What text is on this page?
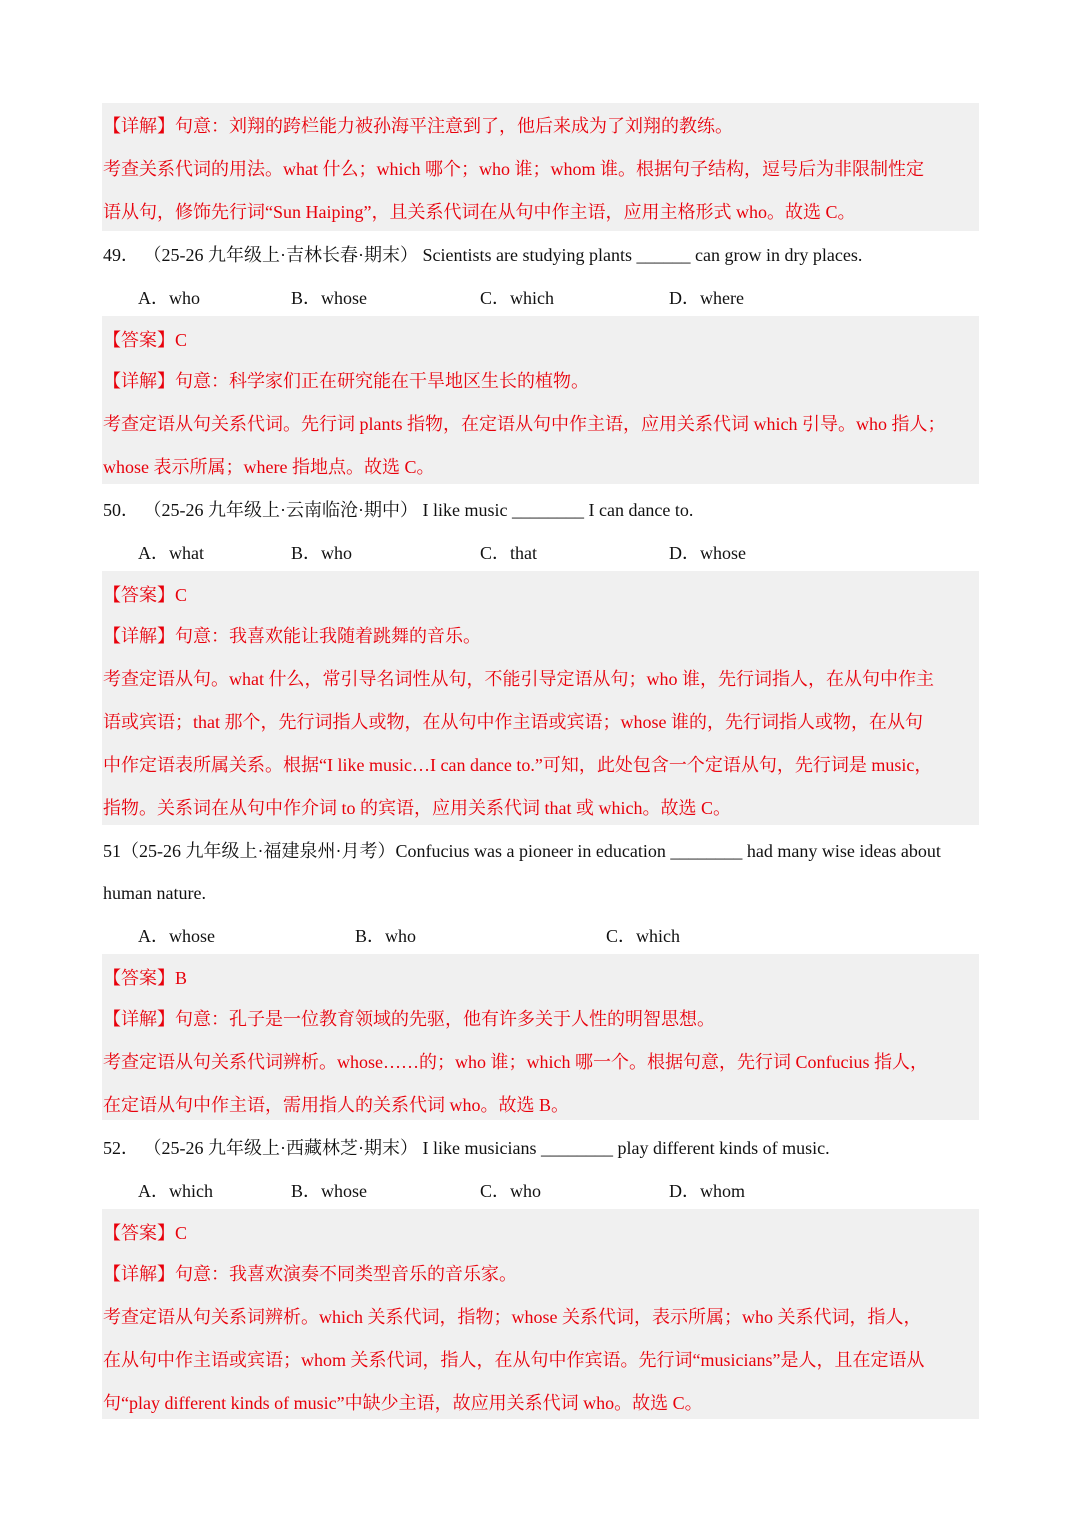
【详解】句意：刘翔的跨栏能力被孙海平注意到了，他后来成为了刘翔的教练。
考查关系代词的用法。what 什么；which 哪个；who 谁；whom 谁。根据句子结构，逗号后为非限制性定
语从句，修饰先行词“Sun Haiping”，且关系代词在从句中作主语，应用主格形式 who。故选 C。
49． （25-26 九年级上·吉林长春·期末） Scientists are studying plants ______ can grow in dry places.
A．who	B．whose	C．which	D．where
【答案】C
【详解】句意：科学家们正在研究能在干旱地区生长的植物。
考查定语从句关系代词。先行词 plants 指物，在定语从句中作主语，应用关系代词 which 引导。who 指人；
whose 表示所属；where 指地点。故选 C。
50． （25-26 九年级上·云南临沧·期中） I like music ________ I can dance to.
A．what	B．who	C．that	D．whose
【答案】C
【详解】句意：我喜欢能让我随着跳舞的音乐。
考查定语从句。what 什么，常引导名词性从句，不能引导定语从句；who 谁，先行词指人，在从句中作主
语或宾语；that 那个，先行词指人或物，在从句中作主语或宾语；whose 谁的，先行词指人或物，在从句
中作定语表所属关系。根据“I like music…I can dance to.”可知，此处包含一个定语从句，先行词是 music，
指物。关系词在从句中作介词 to 的宾语，应用关系代词 that 或 which。故选 C。
51（25-26 九年级上·福建泉州·月考）Confucius was a pioneer in education ________ had many wise ideas about
human nature.
A．whose	B．who	C．which
【答案】B
【详解】句意：孔子是一位教育领域的先驱，他有许多关于人性的明智思想。
考查定语从句关系代词辨析。whose……的；who 谁；which 哪一个。根据句意，先行词 Confucius 指人，
在定语从句中作主语，需用指人的关系代词 who。故选 B。
52． （25-26 九年级上·西藏林芝·期末） I like musicians ________ play different kinds of music.
A．which	B．whose	C．who	D．whom
【答案】C
【详解】句意：我喜欢演奏不同类型音乐的音乐家。
考查定语从句关系词辨析。which 关系代词，指物；whose 关系代词，表示所属；who 关系代词，指人，
在从句中作主语或宾语；whom 关系代词，指人，在从句中作宾语。先行词“musicians”是人，且在定语从
句“play different kinds of music”中缺少主语，故应用关系代词 who。故选 C。
